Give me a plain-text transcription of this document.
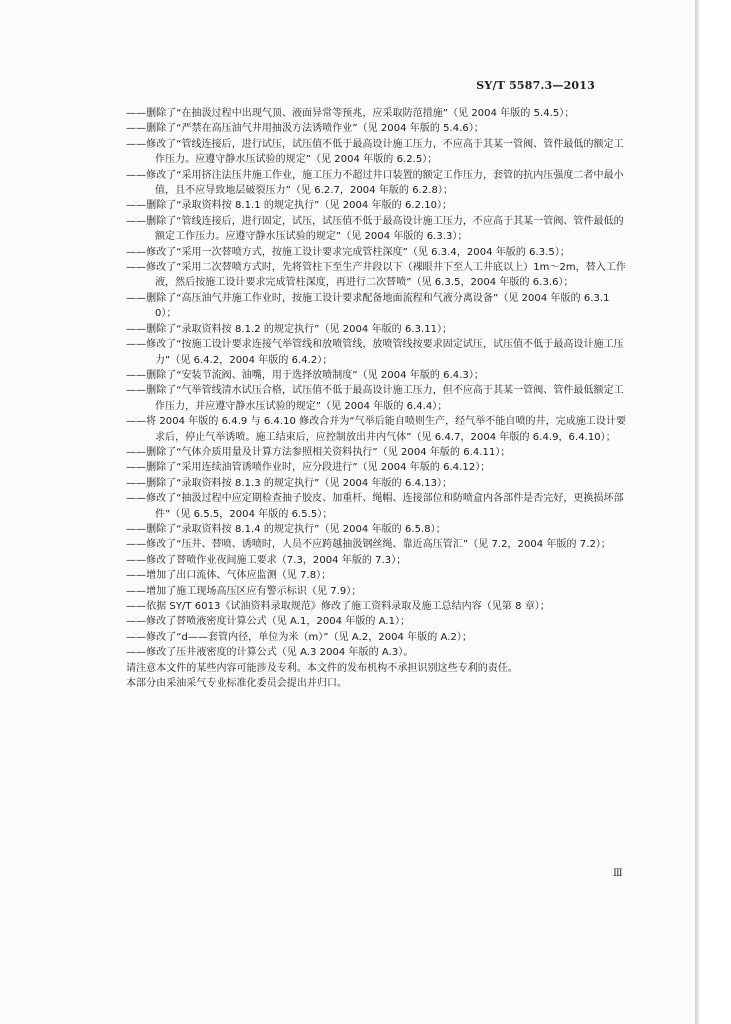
SY/T 5587.3—2013

——删除了“在抽汲过程中出现气顶、液面异常等预兆，应采取防范措施”（见 2004 年版的 5.4.5）；

——删除了“严禁在高压油气井用抽汲方法诱喷作业”（见 2004 年版的 5.4.6）；

——修改了“管线连接后，进行试压，试压值不低于最高设计施工压力，不应高于其某一管阀、管件最低的额定工作压力。应遵守静水压试验的规定”（见 2004 年版的 6.2.5）；

——修改了“采用挤注法压井施工作业，施工压力不超过井口装置的额定工作压力，套管的抗内压强度二者中最小值，且不应导致地层破裂压力”（见 6.2.7，2004 年版的 6.2.8）；

——删除了“录取资料按 8.1.1 的规定执行”（见 2004 年版的 6.2.10）；

——删除了“管线连接后，进行固定，试压，试压值不低于最高设计施工压力，不应高于其某一管阀、管件最低的额定工作压力。应遵守静水压试验的规定”（见 2004 年版的 6.3.3）；

——修改了“采用一次替喷方式，按施工设计要求完成管柱深度”（见 6.3.4，2004 年版的 6.3.5）；

——修改了“采用二次替喷方式时，先将管柱下至生产井段以下（裸眼井下至人工井底以上）1m～2m，替入工作液，然后按施工设计要求完成管柱深度，再进行二次替喷”（见 6.3.5，2004 年版的 6.3.6）；

——删除了“高压油气井施工作业时，按施工设计要求配备地面流程和气液分离设备”（见 2004 年版的 6.3.10）；

——删除了“录取资料按 8.1.2 的规定执行”（见 2004 年版的 6.3.11）；

——修改了“按施工设计要求连接气举管线和放喷管线，放喷管线按要求固定试压，试压值不低于最高设计施工压力”（见 6.4.2，2004 年版的 6.4.2）；

——删除了“安装节流阀、油嘴，用于选择放喷制度”（见 2004 年版的 6.4.3）；

——删除了“气举管线清水试压合格，试压值不低于最高设计施工压力，但不应高于其某一管阀、管件最低额定工作压力，并应遵守静水压试验的规定”（见 2004 年版的 6.4.4）；

——将 2004 年版的 6.4.9 与 6.4.10 修改合并为“气举后能自喷则生产，经气举不能自喷的井，完成施工设计要求后，停止气举诱喷。施工结束后，应控制放出井内气体”（见 6.4.7，2004 年版的 6.4.9，6.4.10）；

——删除了“气体介质用量及计算方法参照相关资料执行”（见 2004 年版的 6.4.11）；

——删除了“采用连续油管诱喷作业时，应分段进行”（见 2004 年版的 6.4.12）；

——删除了“录取资料按 8.1.3 的规定执行”（见 2004 年版的 6.4.13）；

——修改了“抽汲过程中应定期检查抽子胶皮、加重杆、绳帽、连接部位和防喷盒内各部件是否完好，更换损坏部件”（见 6.5.5，2004 年版的 6.5.5）；

——删除了“录取资料按 8.1.4 的规定执行”（见 2004 年版的 6.5.8）；

——修改了“压井、替喷、诱喷时，人员不应跨越抽汲钢丝绳、靠近高压管汇”（见 7.2，2004 年版的 7.2）；

——修改了替喷作业夜间施工要求（7.3，2004 年版的 7.3）；

——增加了出口流体、气体应监测（见 7.8）；

——增加了施工现场高压区应有警示标识（见 7.9）；

——依据 SY/T 6013《试油资料录取规范》修改了施工资料录取及施工总结内容（见第 8 章）；

——修改了替喷液密度计算公式（见 A.1，2004 年版的 A.1）；

——修改了“d——套管内径，单位为米（m）”（见 A.2，2004 年版的 A.2）；

——修改了压井液密度的计算公式（见 A.3 2004 年版的 A.3）。

请注意本文件的某些内容可能涉及专利。本文件的发布机构不承担识别这些专利的责任。

本部分由采油采气专业标准化委员会提出并归口。

Ⅲ
